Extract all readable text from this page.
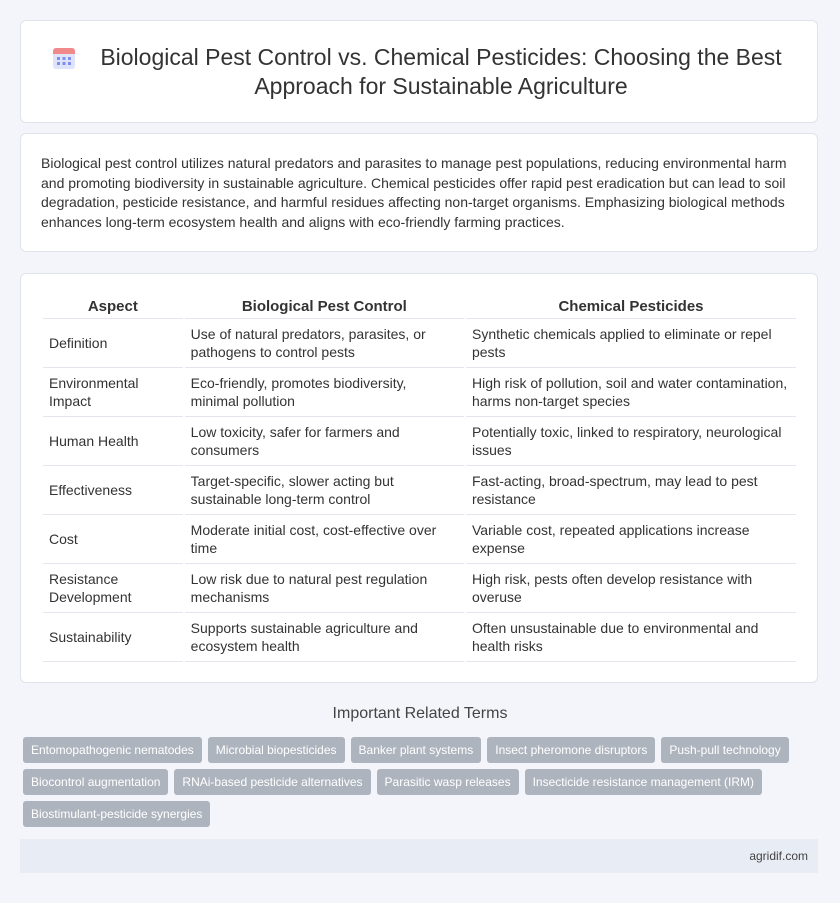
Biological Pest Control vs. Chemical Pesticides: Choosing the Best Approach for Sustainable Agriculture

Biological pest control utilizes natural predators and parasites to manage pest populations, reducing environmental harm and promoting biodiversity in sustainable agriculture. Chemical pesticides offer rapid pest eradication but can lead to soil degradation, pesticide resistance, and harmful residues affecting non-target organisms. Emphasizing biological methods enhances long-term ecosystem health and aligns with eco-friendly farming practices.

Aspect	Biological Pest Control	Chemical Pesticides
Definition	Use of natural predators, parasites, or pathogens to control pests	Synthetic chemicals applied to eliminate or repel pests
Environmental Impact	Eco-friendly, promotes biodiversity, minimal pollution	High risk of pollution, soil and water contamination, harms non-target species
Human Health	Low toxicity, safer for farmers and consumers	Potentially toxic, linked to respiratory, neurological issues
Effectiveness	Target-specific, slower acting but sustainable long-term control	Fast-acting, broad-spectrum, may lead to pest resistance
Cost	Moderate initial cost, cost-effective over time	Variable cost, repeated applications increase expense
Resistance Development	Low risk due to natural pest regulation mechanisms	High risk, pests often develop resistance with overuse
Sustainability	Supports sustainable agriculture and ecosystem health	Often unsustainable due to environmental and health risks
Important Related Terms
Entomopathogenic nematodes	Microbial biopesticides	Banker plant systems	Insect pheromone disruptors	Push-pull technology
Biocontrol augmentation	RNAi-based pesticide alternatives	Parasitic wasp releases	Insecticide resistance management (IRM)
Biostimulant-pesticide synergies
agridif.com
